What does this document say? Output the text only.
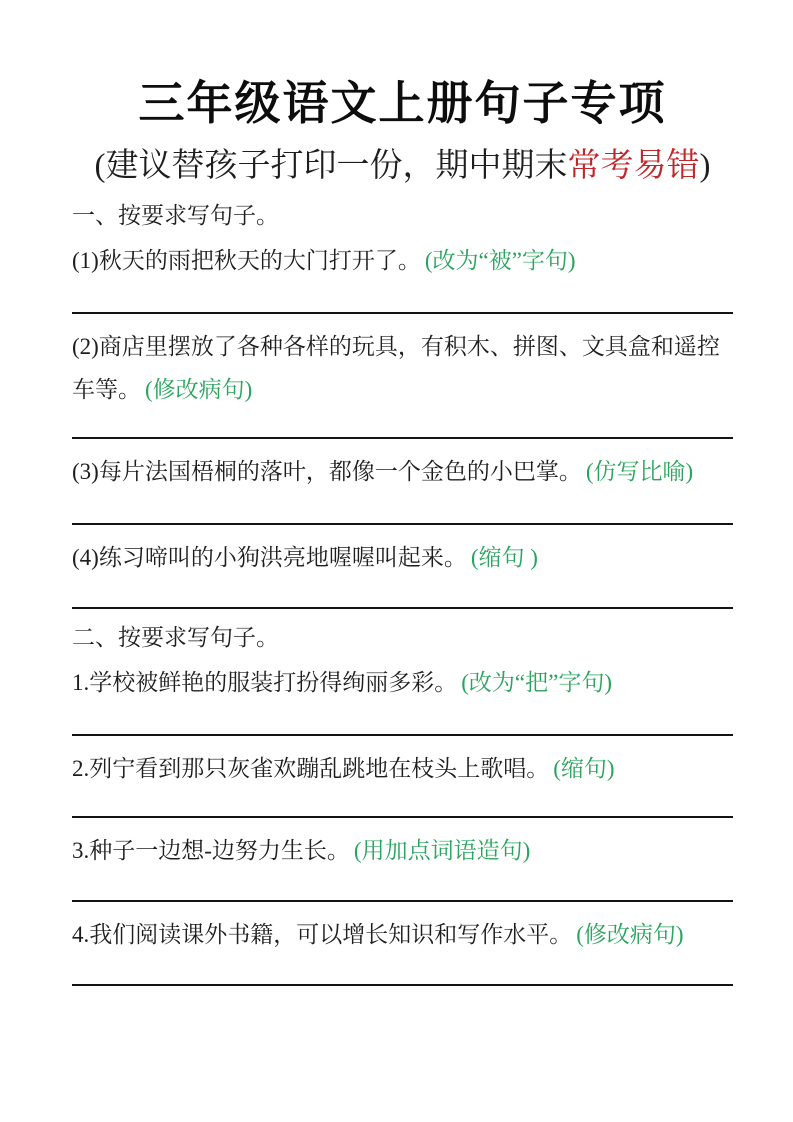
三年级语文上册句子专项
(建议替孩子打印一份，期中期末常考易错)
一、按要求写句子。

(1)秋天的雨把秋天的大门打开了。 (改为“被”字句)

(2)商店里摆放了各种各样的玩具，有积木、拼图、文具盒和遥控车等。 (修改病句)

(3)每片法国梧桐的落叶，都像一个金色的小巴掌。 (仿写比喻)

(4)练习啼叫的小狗洪亮地喔喔叫起来。 (缩句 )

二、按要求写句子。

1.学校被鲜艳的服装打扮得绚丽多彩。 (改为“把”字句)

2.列宁看到那只灰雀欢蹦乱跳地在枝头上歌唱。 (缩句)

3.种子一边想-边努力生长。 (用加点词语造句)

4.我们阅读课外书籍，可以增长知识和写作水平。 (修改病句)
